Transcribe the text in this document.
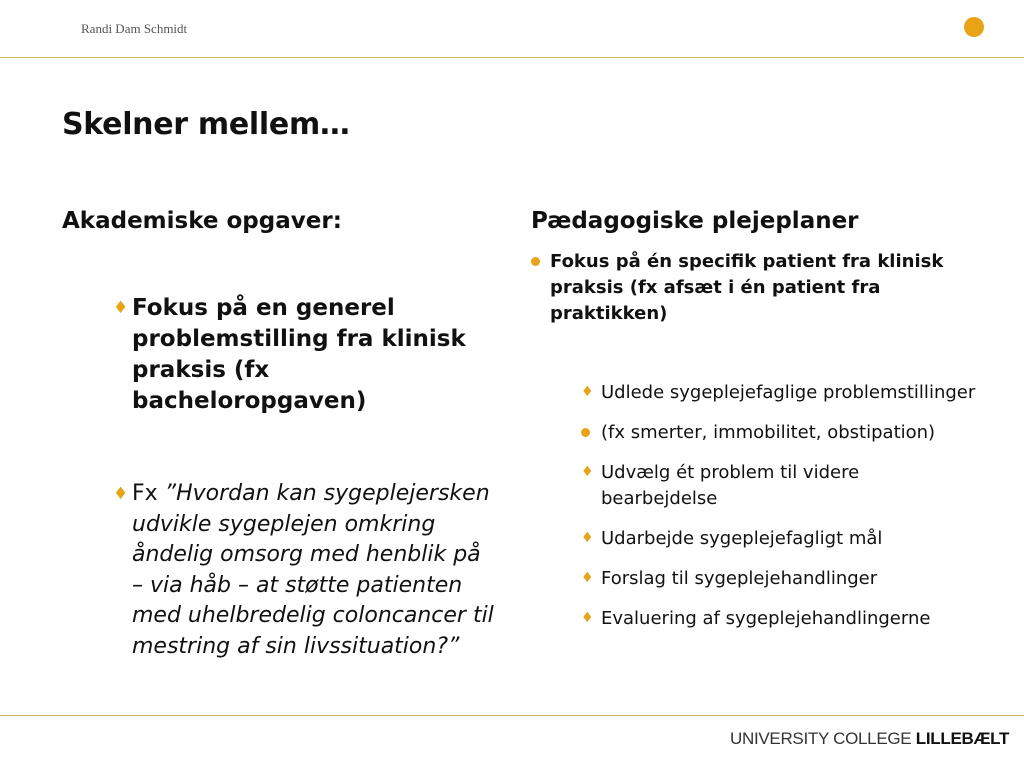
Randi Dam Schmidt
Skelner mellem…
Akademiske opgaver:
♦ Fokus på en generel problemstilling fra klinisk praksis (fx bacheloropgaven)
♦ Fx ”Hvordan kan sygeplejersken udvikle sygeplejen omkring åndelig omsorg med henblik på – via håb – at støtte patienten med uhelbredelig coloncancer til mestring af sin livssituation?”
Pædagogiske plejeplaner
Fokus på én specifik patient fra klinisk praksis (fx afsæt i én patient fra praktikken)
♦ Udlede sygeplejefaglige problemstillinger
(fx smerter, immobilitet, obstipation)
♦ Udvælg ét problem til videre bearbejdelse
♦ Udarbejde sygeplejefagligt mål
♦ Forslag til sygeplejehandlinger
♦ Evaluering af sygeplejehandlingerne
UNIVERSITY COLLEGE LILLEBÆLT
